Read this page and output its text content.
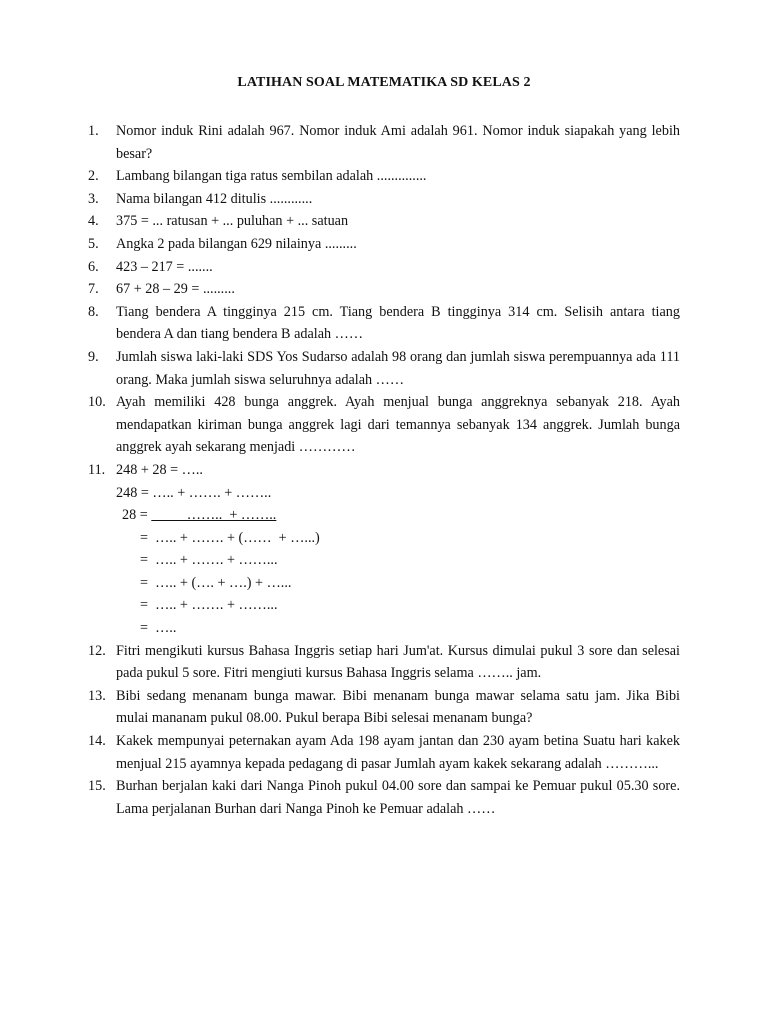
LATIHAN SOAL MATEMATIKA SD KELAS 2
1. Nomor induk Rini adalah 967. Nomor induk Ami adalah 961. Nomor induk siapakah yang lebih besar?
2. Lambang bilangan tiga ratus sembilan adalah ..............
3. Nama bilangan 412 ditulis ............
4. 375 = ... ratusan + ... puluhan + ... satuan
5. Angka 2 pada bilangan 629 nilainya .........
6. 423 – 217 = .......
7. 67 + 28 – 29 = .........
8. Tiang bendera A tingginya 215 cm. Tiang bendera B tingginya 314 cm. Selisih antara tiang bendera A dan tiang bendera B adalah ……
9. Jumlah siswa laki-laki SDS Yos Sudarso adalah 98 orang dan jumlah siswa perempuannya ada 111 orang. Maka jumlah siswa seluruhnya adalah ……
10. Ayah memiliki 428 bunga anggrek. Ayah menjual bunga anggreknya sebanyak 218. Ayah mendapatkan kiriman bunga anggrek lagi dari temannya sebanyak 134 anggrek. Jumlah bunga anggrek ayah sekarang menjadi …………
11. 248 + 28 = …..
248 = ….. + ……. + ……..
28 =           ……..  + ……..
=  ….. + ……. + (……  + …...)
=  ….. + ……. + ……...
=  ….. + (…. + ….) + …...
=  ….. + ……. + ……...
=  …..
12. Fitri mengikuti kursus Bahasa Inggris setiap hari Jum'at. Kursus dimulai pukul 3 sore dan selesai pada pukul 5 sore. Fitri mengiuti kursus Bahasa Inggris selama …….. jam.
13. Bibi sedang menanam bunga mawar. Bibi menanam bunga mawar selama satu jam. Jika Bibi mulai mananam pukul 08.00. Pukul berapa Bibi selesai menanam bunga?
14. Kakek mempunyai peternakan ayam Ada 198 ayam jantan dan 230 ayam betina Suatu hari kakek menjual 215 ayamnya kepada pedagang di pasar Jumlah ayam kakek sekarang adalah ………...
15. Burhan berjalan kaki dari Nanga Pinoh pukul 04.00 sore dan sampai ke Pemuar pukul 05.30 sore. Lama perjalanan Burhan dari Nanga Pinoh ke Pemuar adalah ……
